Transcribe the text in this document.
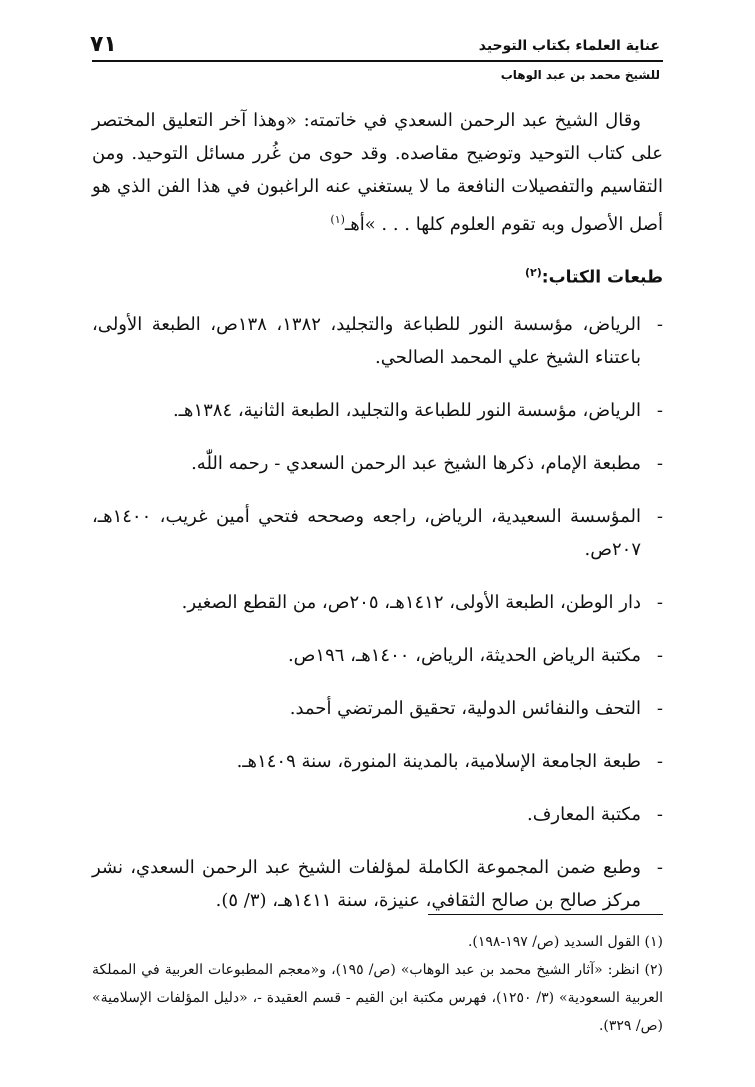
عناية العلماء بكتاب التوحيد
٧١
للشيخ محمد بن عبد الوهاب

وقال الشيخ عبد الرحمن السعدي في خاتمته: «وهذا آخر التعليق المختصر على كتاب التوحيد وتوضيح مقاصده. وقد حوى من غُرر مسائل التوحيد. ومن التقاسيم والتفصيلات النافعة ما لا يستغني عنه الراغبون في هذا الفن الذي هو أصل الأصول وبه تقوم العلوم كلها . . . »أهـ$^{(١)}$

طبعات الكتاب:$^{(٢)}$
-
الرياض، مؤسسة النور للطباعة والتجليد، ١٣٨٢، ١٣٨ص، الطبعة الأولى، باعتناء الشيخ علي المحمد الصالحي.
-
الرياض، مؤسسة النور للطباعة والتجليد، الطبعة الثانية، ١٣٨٤هـ.
-
مطبعة الإمام، ذكرها الشيخ عبد الرحمن السعدي - رحمه اللّٰه.
-
المؤسسة السعيدية، الرياض، راجعه وصححه فتحي أمين غريب، ١٤٠٠هـ، ٢٠٧ص.
-
دار الوطن، الطبعة الأولى، ١٤١٢هـ، ٢٠٥ص، من القطع الصغير.
-
مكتبة الرياض الحديثة، الرياض، ١٤٠٠هـ، ١٩٦ص.
-
التحف والنفائس الدولية، تحقيق المرتضي أحمد.
-
طبعة الجامعة الإسلامية، بالمدينة المنورة، سنة ١٤٠٩هـ.
-
مكتبة المعارف.
-
وطبع ضمن المجموعة الكاملة لمؤلفات الشيخ عبد الرحمن السعدي، نشر مركز صالح بن صالح الثقافي، عنيزة، سنة ١٤١١هـ، (٣/ ٥).

(١) القول السديد (ص/ ١٩٧-١٩٨).

(٢) انظر: «آثار الشيخ محمد بن عبد الوهاب» (ص/ ١٩٥)، و«معجم المطبوعات العربية في المملكة العربية السعودية» (٣/ ١٢٥٠)، فهرس مكتبة ابن القيم - قسم العقيدة -، «دليل المؤلفات الإسلامية» (ص/ ٣٢٩).
